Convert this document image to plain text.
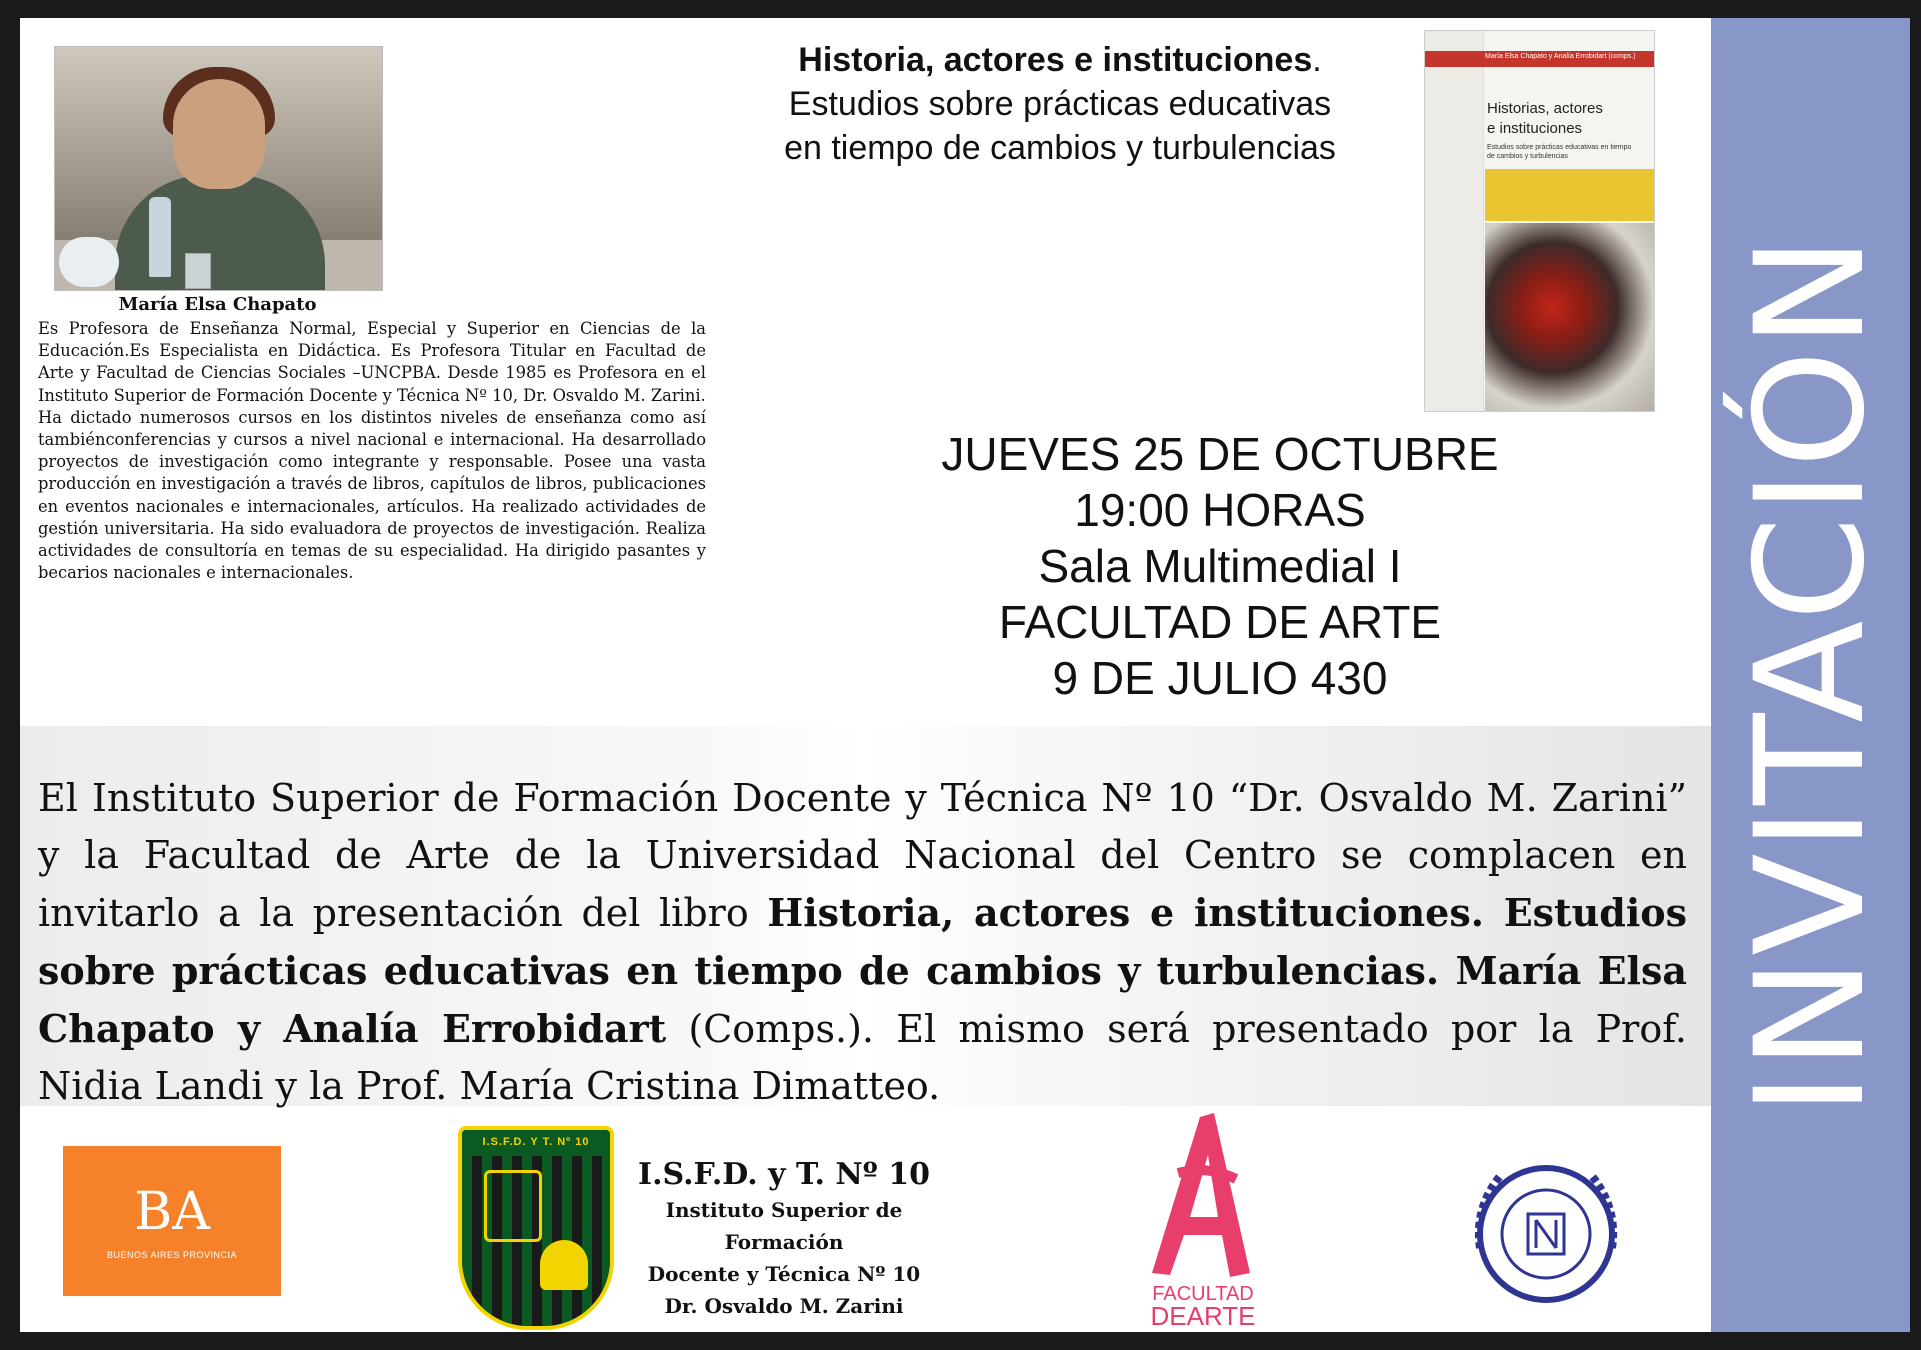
María Elsa Chapato

Es Profesora de Enseñanza Normal, Especial y Superior en Ciencias de la Educación.Es Especialista en Didáctica. Es Profesora Titular en Facultad de Arte y Facultad de Ciencias Sociales –UNCPBA. Desde 1985 es Profesora en el Instituto Superior de Formación Docente y Técnica Nº 10, Dr. Osvaldo M. Zarini.
Ha dictado numerosos cursos en los distintos niveles de enseñanza como así tambiénconferencias y cursos a nivel nacional e internacional. Ha desarrollado proyectos de investigación como integrante y responsable. Posee una vasta producción en investigación a través de libros, capítulos de libros, publicaciones en eventos nacionales e internacionales, artículos. Ha realizado actividades de gestión universitaria. Ha sido evaluadora de proyectos de investigación. Realiza actividades de consultoría en temas de su especialidad. Ha dirigido pasantes y becarios nacionales e internacionales.

Historia, actores e instituciones.
Estudios sobre prácticas educativas
en tiempo de cambios y turbulencias
María Elsa Chapato y Analía Errobidart (comps.)
Historias, actores
e instituciones
Estudios sobre prácticas educativas en tiempo de cambios y turbulencias
JUEVES 25 DE OCTUBRE
19:00 HORAS
Sala Multimedial I
FACULTAD DE ARTE
9 DE JULIO 430

El Instituto Superior de Formación Docente y Técnica Nº 10 “Dr. Osvaldo M. Zarini” y la Facultad de Arte de la Universidad Nacional del Centro se complacen en invitarlo a la presentación del libro Historia, actores e instituciones. Estudios sobre prácticas educativas en tiempo de cambios y turbulencias. María Elsa Chapato y Analía Errobidart (Comps.). El mismo será presentado por la Prof. Nidia Landi y la Prof. María Cristina Dimatteo.	INVITACIÓN
BA
BUENOS AIRES PROVINCIA
I.S.F.D. Y T. Nº 10
I.S.F.D. y T. Nº 10
Instituto Superior de Formación
Docente y Técnica Nº 10
Dr. Osvaldo M. Zarini	FACULTAD
DEARTE
